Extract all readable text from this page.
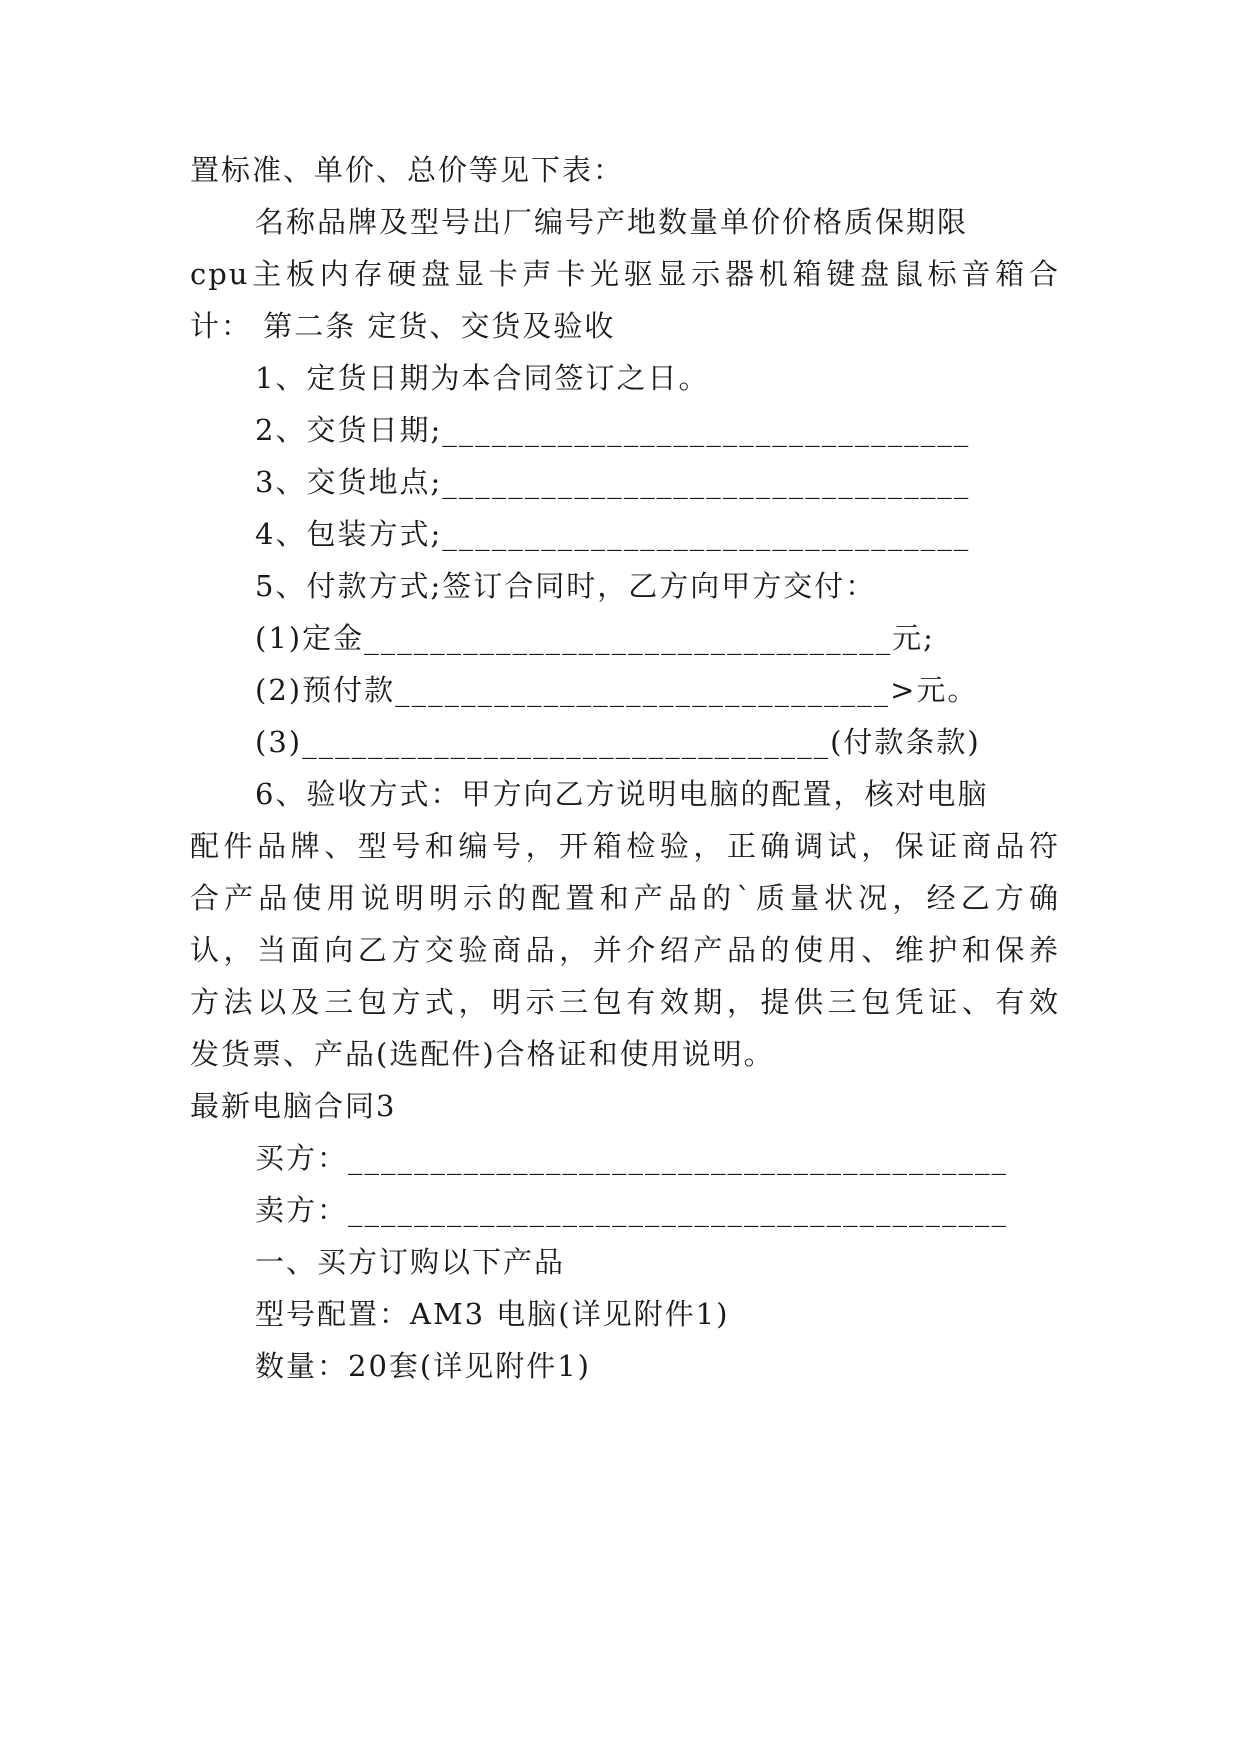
置标准、单价、总价等见下表：
名称品牌及型号出厂编号产地数量单价价格质保期限
cpu主板内存硬盘显卡声卡光驱显示器机箱键盘鼠标音箱合
计： 第二条 定货、交货及验收
1、定货日期为本合同签订之日。
2、交货日期;________________________________
3、交货地点;________________________________
4、包装方式;________________________________
5、付款方式;签订合同时，乙方向甲方交付：
(1)定金________________________________元;
(2)预付款______________________________>元。
(3)________________________________(付款条款)
6、验收方式：甲方向乙方说明电脑的配置，核对电脑
配件品牌、型号和编号，开箱检验，正确调试，保证商品符
合产品使用说明明示的配置和产品的`质量状况，经乙方确
认，当面向乙方交验商品，并介绍产品的使用、维护和保养
方法以及三包方式，明示三包有效期，提供三包凭证、有效
发货票、产品(选配件)合格证和使用说明。
最新电脑合同3
买方：________________________________________
卖方：________________________________________
一、买方订购以下产品
型号配置：AM3 电脑(详见附件1)
数量：20套(详见附件1)
